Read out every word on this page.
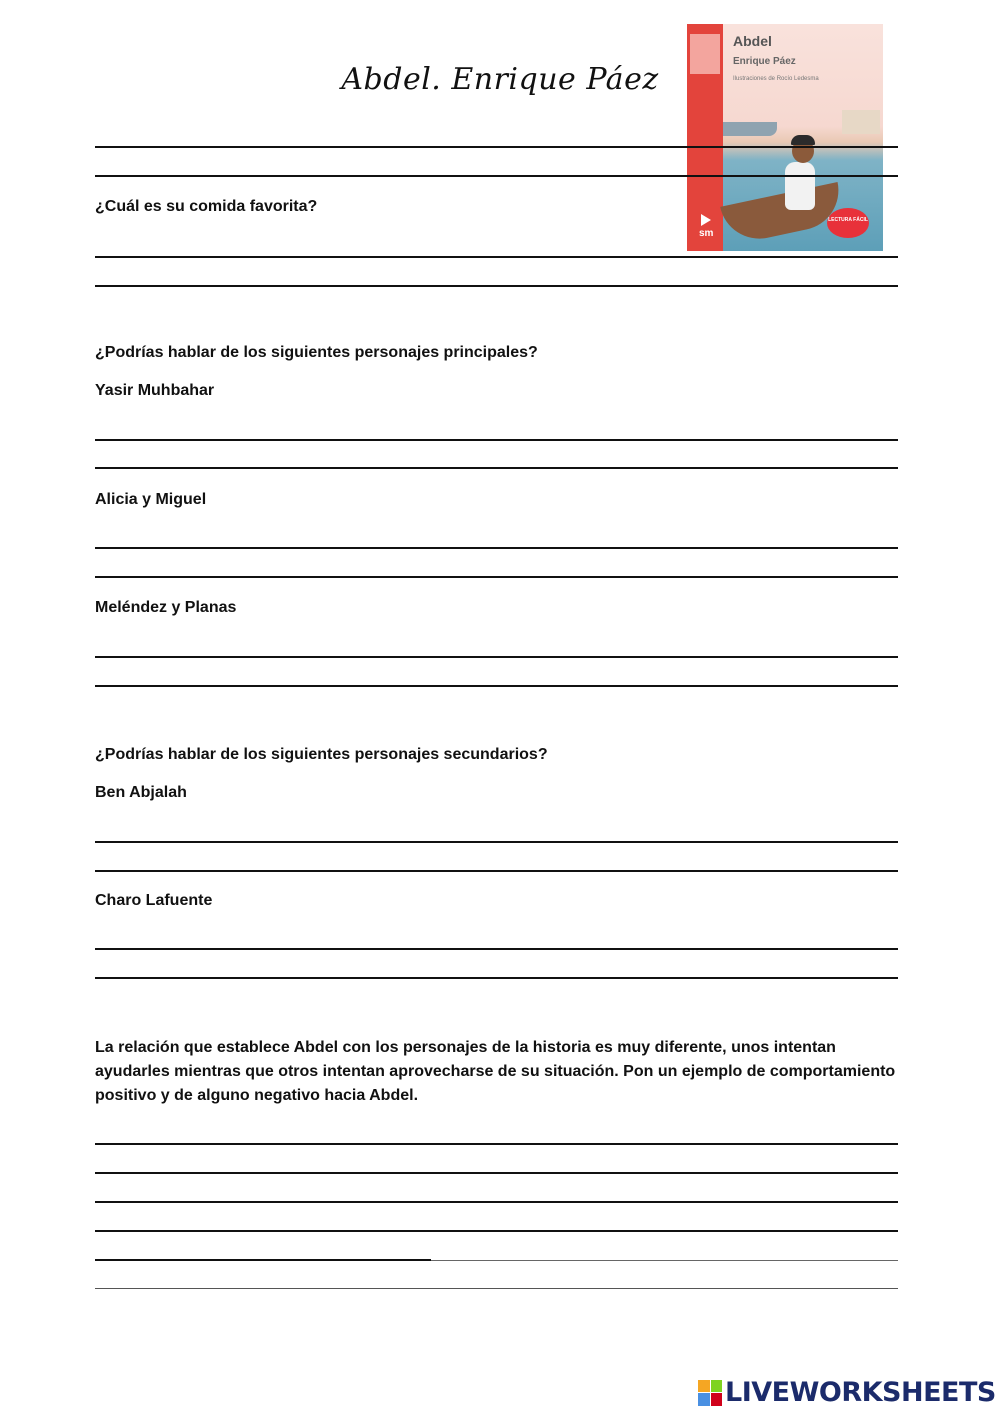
Abdel. Enrique Páez
sm
Abdel
Enrique Páez
Ilustraciones de Rocío Ledesma
LECTURA FÁCIL
¿Cuál es su comida favorita?
¿Podrías hablar de los siguientes personajes principales?
Yasir Muhbahar
Alicia y Miguel
Meléndez y Planas
¿Podrías hablar de los siguientes personajes secundarios?
Ben Abjalah
Charo Lafuente
La relación que establece Abdel con los personajes de la historia es muy diferente, unos intentan ayudarles mientras que otros intentan aprovecharse de su situación. Pon un ejemplo de comportamiento positivo y de alguno negativo hacia Abdel.
LIVEWORKSHEETS
